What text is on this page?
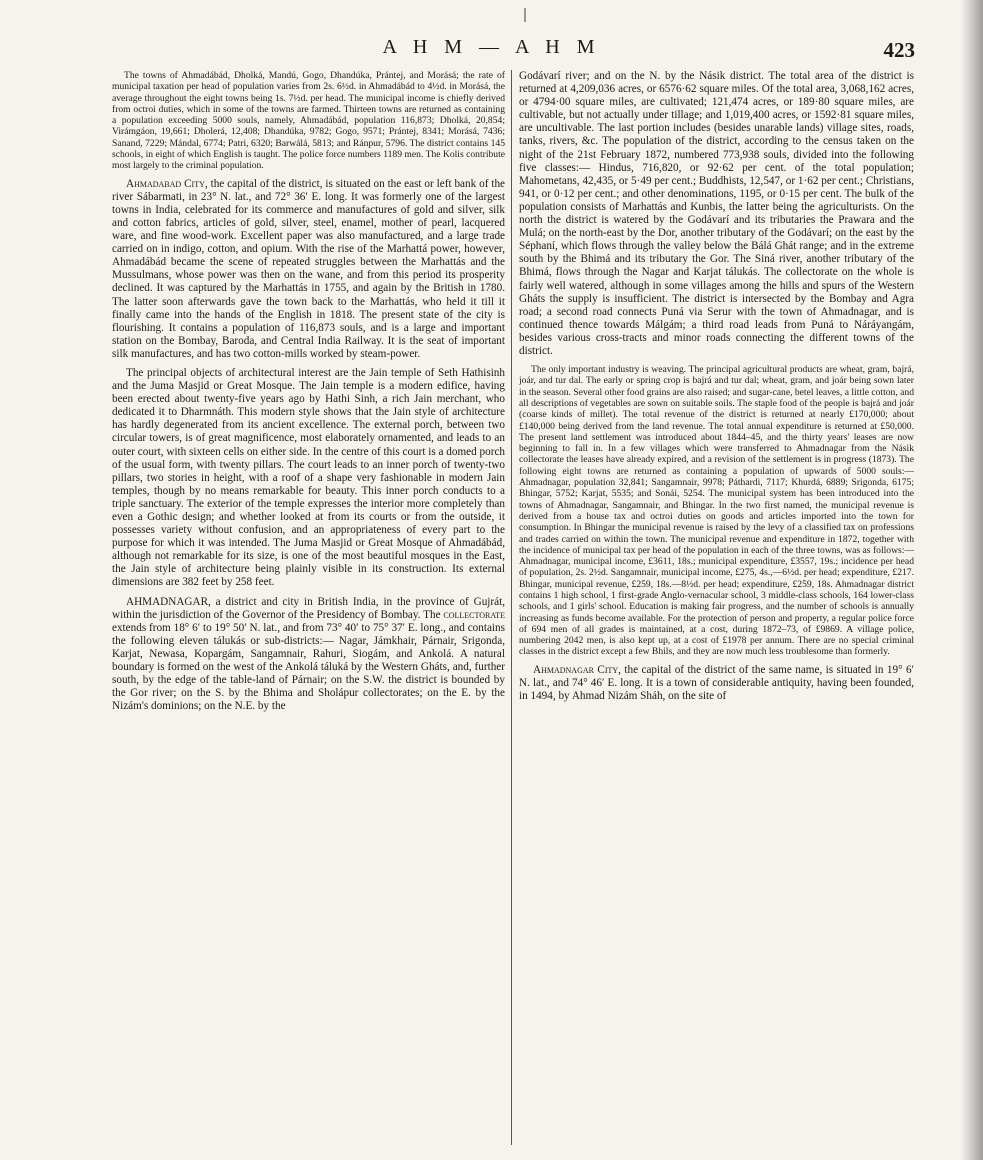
A H M — A H M	423

The towns of Ahmadábád, Dholká, Mandú, Gogo, Dhandúka, Prántej, and Morásá; the rate of municipal taxation per head of population varies from 2s. 6½d. in Ahmadábád to 4½d. in Morásá, the average throughout the eight towns being 1s. 7½d. per head. The municipal income is chiefly derived from octroi duties, which in some of the towns are farmed. Thirteen towns are returned as containing a population exceeding 5000 souls, namely, Ahmadábád, population 116,873; Dholká, 20,854; Virámgáon, 19,661; Dholerá, 12,408; Dhandúka, 9782; Gogo, 9571; Prántej, 8341; Morásá, 7436; Sanand, 7229; Mándal, 6774; Patri, 6320; Barwálá, 5813; and Ránpur, 5796. The district contains 145 schools, in eight of which English is taught. The police force numbers 1189 men. The Kolis contribute most largely to the criminal population.

Ahmadabad City, the capital of the district, is situated on the east or left bank of the river Sábarmati, in 23° N. lat., and 72° 36′ E. long. It was formerly one of the largest towns in India, celebrated for its commerce and manufactures of gold and silver, silk and cotton fabrics, articles of gold, silver, steel, enamel, mother of pearl, lacquered ware, and fine wood-work. Excellent paper was also manufactured, and a large trade carried on in indigo, cotton, and opium. With the rise of the Marhattá power, however, Ahmadábád became the scene of repeated struggles between the Marhattás and the Mussulmans, whose power was then on the wane, and from this period its prosperity declined. It was captured by the Marhattás in 1755, and again by the British in 1780. The latter soon afterwards gave the town back to the Marhattás, who held it till it finally came into the hands of the English in 1818. The present state of the city is flourishing. It contains a population of 116,873 souls, and is a large and important station on the Bombay, Baroda, and Central India Railway. It is the seat of important silk manufactures, and has two cotton-mills worked by steam-power.

The principal objects of architectural interest are the Jain temple of Seth Hathisinh and the Juma Masjid or Great Mosque. The Jain temple is a modern edifice, having been erected about twenty-five years ago by Hathi Sinh, a rich Jain merchant, who dedicated it to Dharmnáth. This modern style shows that the Jain style of architecture has hardly degenerated from its ancient excellence. The external porch, between two circular towers, is of great magnificence, most elaborately ornamented, and leads to an outer court, with sixteen cells on either side. In the centre of this court is a domed porch of the usual form, with twenty pillars. The court leads to an inner porch of twenty-two pillars, two stories in height, with a roof of a shape very fashionable in modern Jain temples, though by no means remarkable for beauty. This inner porch conducts to a triple sanctuary. The exterior of the temple expresses the interior more completely than even a Gothic design; and whether looked at from its courts or from the outside, it possesses variety without confusion, and an appropriateness of every part to the purpose for which it was intended. The Juma Masjid or Great Mosque of Ahmadábád, although not remarkable for its size, is one of the most beautiful mosques in the East, the Jain style of architecture being plainly visible in its construction. Its external dimensions are 382 feet by 258 feet.

AHMADNAGAR, a district and city in British India, in the province of Gujrát, within the jurisdiction of the Governor of the Presidency of Bombay. The collectorate extends from 18° 6′ to 19° 50′ N. lat., and from 73° 40′ to 75° 37′ E. long., and contains the following eleven tálukás or sub-districts:— Nagar, Jámkhair, Párnair, Srigonda, Karjat, Newasa, Kopargám, Sangamnair, Rahuri, Siogám, and Ankolá. A natural boundary is formed on the west of the Ankolá táluká by the Western Gháts, and, further south, by the edge of the table-land of Párnair; on the S.W. the district is bounded by the Gor river; on the S. by the Bhima and Sholápur collectorates; on the E. by the Nizám's dominions; on the N.E. by the

Godávarí river; and on the N. by the Násik district. The total area of the district is returned at 4,209,036 acres, or 6576·62 square miles. Of the total area, 3,068,162 acres, or 4794·00 square miles, are cultivated; 121,474 acres, or 189·80 square miles, are cultivable, but not actually under tillage; and 1,019,400 acres, or 1592·81 square miles, are uncultivable. The last portion includes (besides unarable lands) village sites, roads, tanks, rivers, &c. The population of the district, according to the census taken on the night of the 21st February 1872, numbered 773,938 souls, divided into the following five classes:— Hindus, 716,820, or 92·62 per cent. of the total population; Mahometans, 42,435, or 5·49 per cent.; Buddhists, 12,547, or 1·62 per cent.; Christians, 941, or 0·12 per cent.; and other denominations, 1195, or 0·15 per cent. The bulk of the population consists of Marhattás and Kunbis, the latter being the agriculturists. On the north the district is watered by the Godávarí and its tributaries the Prawara and the Mulá; on the north-east by the Dor, another tributary of the Godávarí; on the east by the Séphaní, which flows through the valley below the Bálá Ghát range; and in the extreme south by the Bhimá and its tributary the Gor. The Siná river, another tributary of the Bhimá, flows through the Nagar and Karjat tálukás. The collectorate on the whole is fairly well watered, although in some villages among the hills and spurs of the Western Gháts the supply is insufficient. The district is intersected by the Bombay and Agra road; a second road connects Puná via Serur with the town of Ahmadnagar, and is continued thence towards Málgám; a third road leads from Puná to Náráyangám, besides various cross-tracts and minor roads connecting the different towns of the district.

The only important industry is weaving. The principal agricultural products are wheat, gram, bajrá, joár, and tur dal. The early or spring crop is bajrá and tur dal; wheat, gram, and joár being sown later in the season. Several other food grains are also raised; and sugar-cane, betel leaves, a little cotton, and all descriptions of vegetables are sown on suitable soils. The staple food of the people is bajrá and joár (coarse kinds of millet). The total revenue of the district is returned at nearly £170,000; about £140,000 being derived from the land revenue. The total annual expenditure is returned at £50,000. The present land settlement was introduced about 1844–45, and the thirty years' leases are now beginning to fall in. In a few villages which were transferred to Ahmadnagar from the Násik collectorate the leases have already expired, and a revision of the settlement is in progress (1873). The following eight towns are returned as containing a population of upwards of 5000 souls:—Ahmadnagar, population 32,841; Sangamnair, 9978; Páthardi, 7117; Khurdá, 6889; Srigonda, 6175; Bhingar, 5752; Karjat, 5535; and Sonái, 5254. The municipal system has been introduced into the towns of Ahmadnagar, Sangamnair, and Bhingar. In the two first named, the municipal revenue is derived from a house tax and octroi duties on goods and articles imported into the town for consumption. In Bhingar the municipal revenue is raised by the levy of a classified tax on professions and trades carried on within the town. The municipal revenue and expenditure in 1872, together with the incidence of municipal tax per head of the population in each of the three towns, was as follows:—Ahmadnagar, municipal income, £3611, 18s.; municipal expenditure, £3557, 19s.; incidence per head of population, 2s. 2½d. Sangamnair, municipal income, £275, 4s.,—6½d. per head; expenditure, £217. Bhingar, municipal revenue, £259, 18s.—8½d. per head; expenditure, £259, 18s. Ahmadnagar district contains 1 high school, 1 first-grade Anglo-vernacular school, 3 middle-class schools, 164 lower-class schools, and 1 girls' school. Education is making fair progress, and the number of schools is annually increasing as funds become available. For the protection of person and property, a regular police force of 694 men of all grades is maintained, at a cost, during 1872–73, of £9869. A village police, numbering 2042 men, is also kept up, at a cost of £1978 per annum. There are no special criminal classes in the district except a few Bhils, and they are now much less troublesome than formerly.

Ahmadnagar City, the capital of the district of the same name, is situated in 19° 6′ N. lat., and 74° 46′ E. long. It is a town of considerable antiquity, having been founded, in 1494, by Ahmad Nizám Sháh, on the site of
